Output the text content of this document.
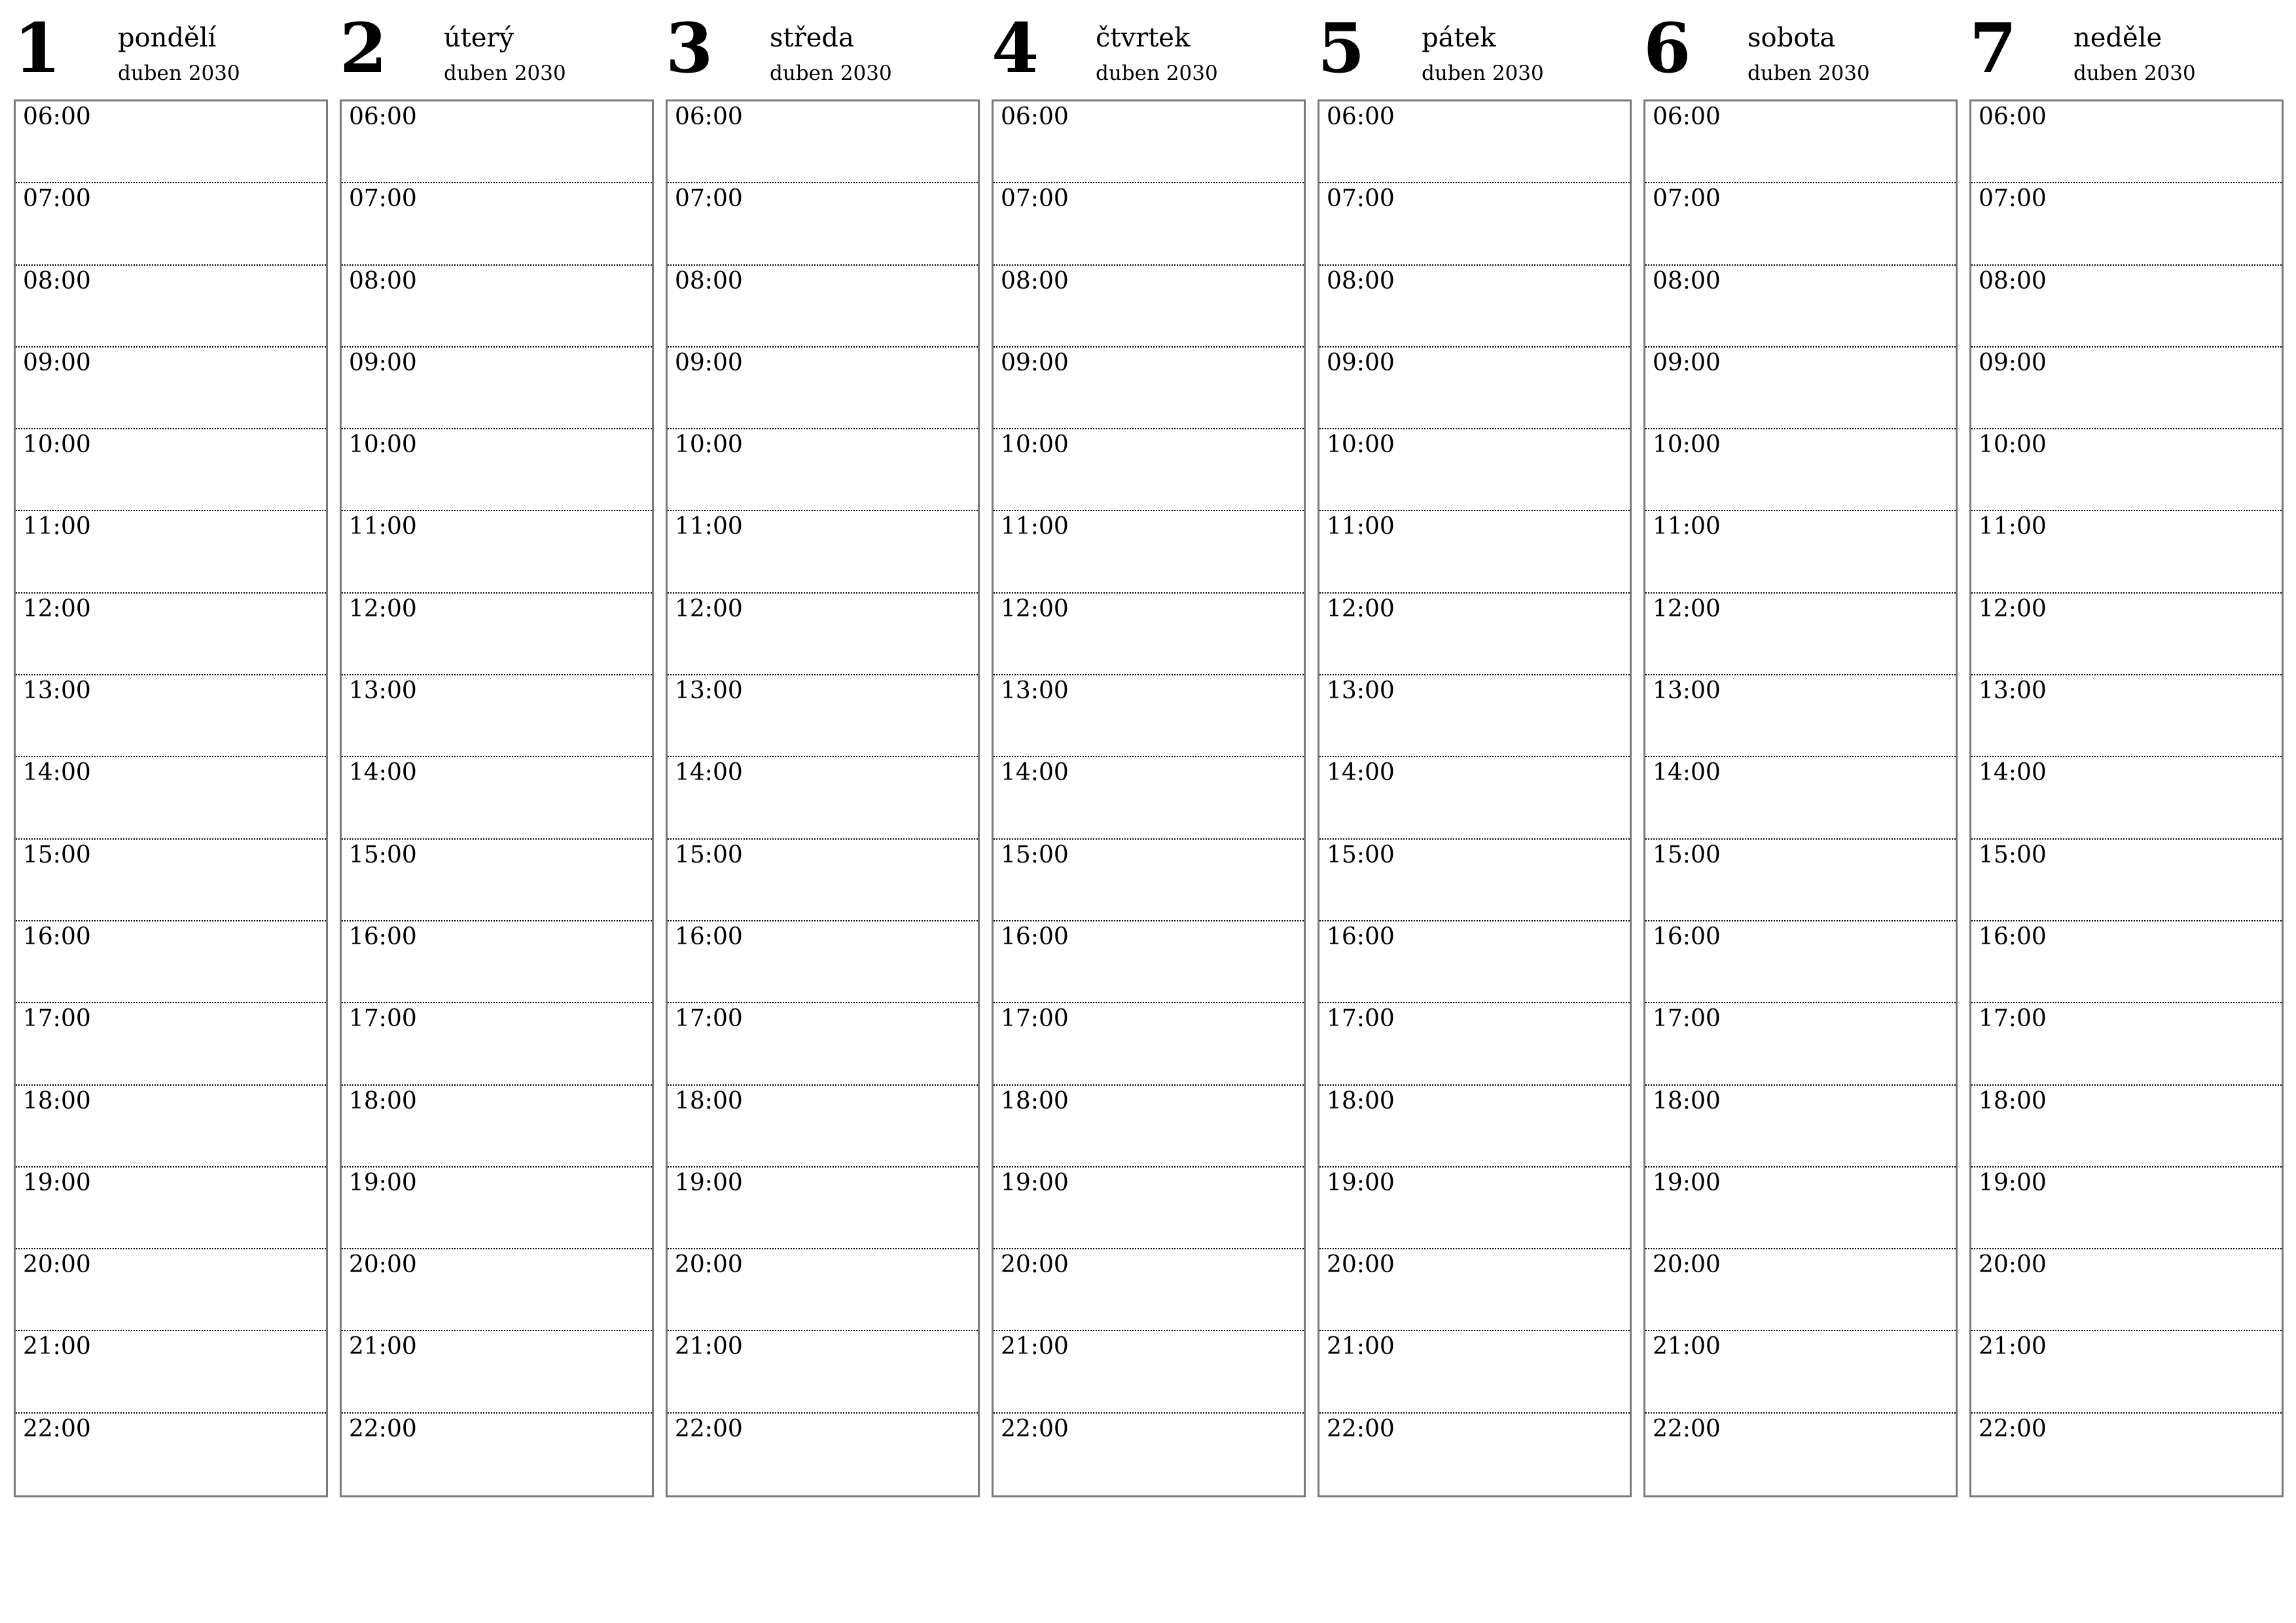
1 pondělí
duben 2030
06:00
07:00
08:00
09:00
10:00
11:00
12:00
13:00
14:00
15:00
16:00
17:00
18:00
19:00
20:00
21:00
22:00
2 úterý
duben 2030
06:00
07:00
08:00
09:00
10:00
11:00
12:00
13:00
14:00
15:00
16:00
17:00
18:00
19:00
20:00
21:00
22:00
3 středa
duben 2030
06:00
07:00
08:00
09:00
10:00
11:00
12:00
13:00
14:00
15:00
16:00
17:00
18:00
19:00
20:00
21:00
22:00
4 čtvrtek
duben 2030
06:00
07:00
08:00
09:00
10:00
11:00
12:00
13:00
14:00
15:00
16:00
17:00
18:00
19:00
20:00
21:00
22:00
5 pátek
duben 2030
06:00
07:00
08:00
09:00
10:00
11:00
12:00
13:00
14:00
15:00
16:00
17:00
18:00
19:00
20:00
21:00
22:00
6 sobota
duben 2030
06:00
07:00
08:00
09:00
10:00
11:00
12:00
13:00
14:00
15:00
16:00
17:00
18:00
19:00
20:00
21:00
22:00
7 neděle
duben 2030
06:00
07:00
08:00
09:00
10:00
11:00
12:00
13:00
14:00
15:00
16:00
17:00
18:00
19:00
20:00
21:00
22:00
